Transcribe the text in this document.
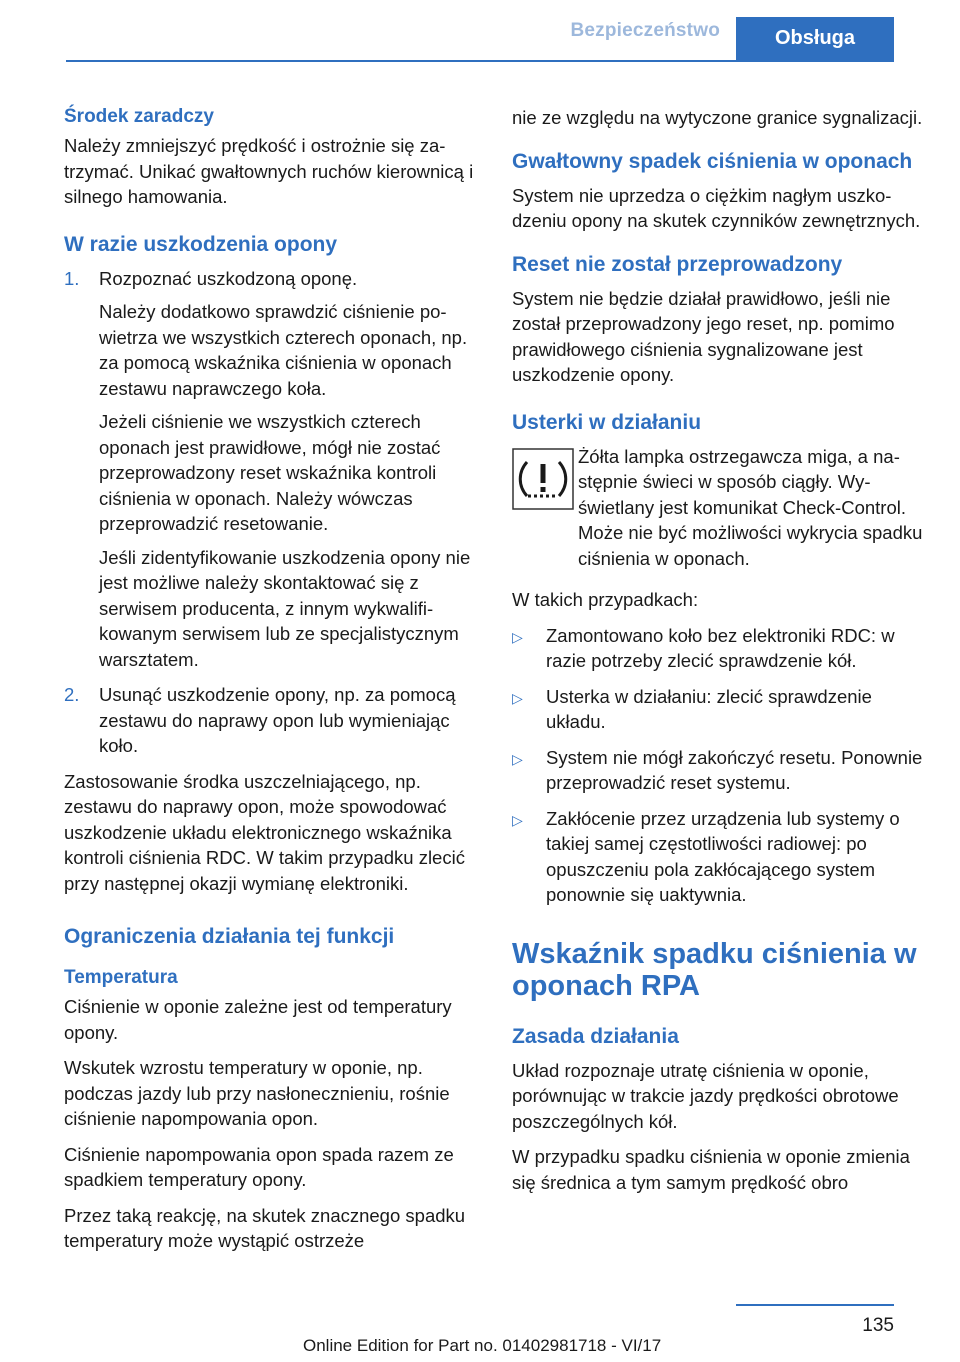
Bezpieczeństwo	Obsługa
Środek zaradczy

Należy zmniejszyć prędkość i ostrożnie się zatrzymać. Unikać gwałtownych ruchów kierownicą i silnego hamowania.

W razie uszkodzenia opony
1.	Rozpoznać uszkodzoną oponę.

Należy dodatkowo sprawdzić ciśnienie powietrza we wszystkich czterech oponach, np. za pomocą wskaźnika ciśnienia w oponach zestawu naprawczego koła.

Jeżeli ciśnienie we wszystkich czterech oponach jest prawidłowe, mógł nie zostać przeprowadzony reset wskaźnika kontroli ciśnienia w oponach. Należy wówczas przeprowadzić resetowanie.

Jeśli zidentyfikowanie uszkodzenia opony nie jest możliwe należy skontaktować się z serwisem producenta, z innym wykwalifikowanym serwisem lub ze specjalistycznym warsztatem.

2.	Usunąć uszkodzenie opony, np. za pomocą zestawu do naprawy opon lub wymieniając koło.

Zastosowanie środka uszczelniającego, np. zestawu do naprawy opon, może spowodować uszkodzenie układu elektronicznego wskaźnika kontroli ciśnienia RDC. W takim przypadku zlecić przy następnej okazji wymianę elektroniki.

Ograniczenia działania tej funkcji
Temperatura

Ciśnienie w oponie zależne jest od temperatury opony.

Wskutek wzrostu temperatury w oponie, np. podczas jazdy lub przy nasłonecznieniu, rośnie ciśnienie napompowania opon.

Ciśnienie napompowania opon spada razem ze spadkiem temperatury opony.

Przez taką reakcję, na skutek znacznego spadku temperatury może wystąpić ostrzeże

nie ze względu na wytyczone granice sygnalizacji.

Gwałtowny spadek ciśnienia w oponach

System nie uprzedza o ciężkim nagłym uszkodzeniu opony na skutek czynników zewnętrznych.

Reset nie został przeprowadzony

System nie będzie działał prawidłowo, jeśli nie został przeprowadzony jego reset, np. pomimo prawidłowego ciśnienia sygnalizowane jest uszkodzenie opony.

Usterki w działaniu

Żółta lampka ostrzegawcza miga, a następnie świeci w sposób ciągły. Wyświetlany jest komunikat Check-Control. Może nie być możliwości wykrycia spadku ciśnienia w oponach.

W takich przypadkach:

▷	Zamontowano koło bez elektroniki RDC: w razie potrzeby zlecić sprawdzenie kół.
▷	Usterka w działaniu: zlecić sprawdzenie układu.
▷	System nie mógł zakończyć resetu. Ponownie przeprowadzić reset systemu.
▷	Zakłócenie przez urządzenia lub systemy o takiej samej częstotliwości radiowej: po opuszczeniu pola zakłócającego system ponownie się uaktywnia.
Wskaźnik spadku ciśnienia w oponach RPA
Zasada działania

Układ rozpoznaje utratę ciśnienia w oponie, porównując w trakcie jazdy prędkości obrotowe poszczególnych kół.

W przypadku spadku ciśnienia w oponie zmienia się średnica a tym samym prędkość obro

135
Online Edition for Part no. 01402981718 - VI/17
